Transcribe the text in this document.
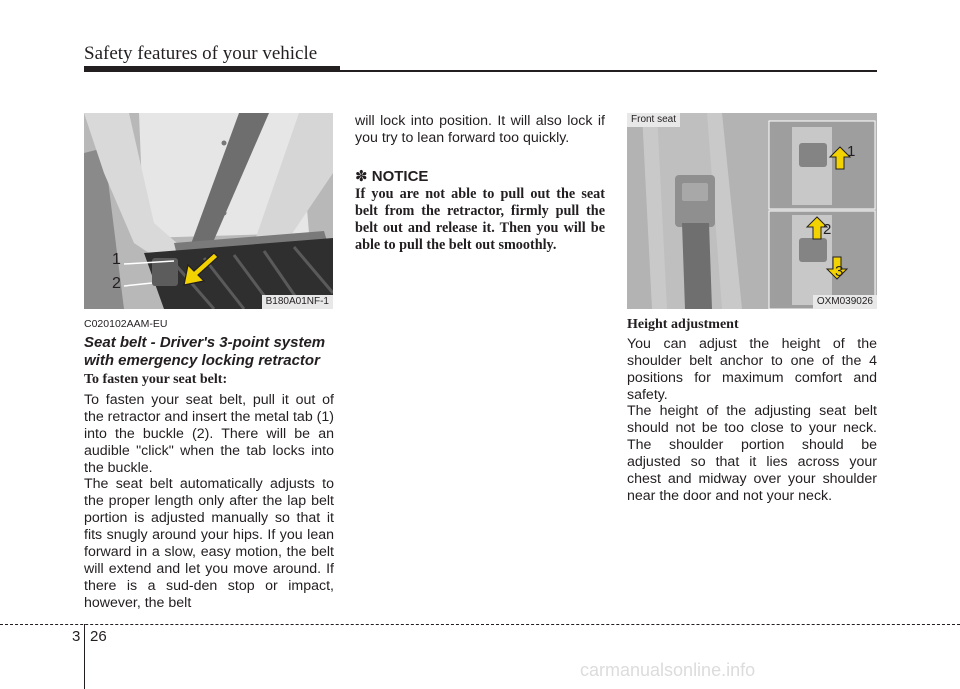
Safety features of your vehicle
1
2
B180A01NF-1
C020102AAM-EU
Seat belt - Driver's 3-point system with emergency locking retractor
To fasten your seat belt:

To fasten your seat belt, pull it out of the retractor and insert the metal tab (1) into the buckle (2). There will be an audible "click" when the tab locks into the buckle.

The seat belt automatically adjusts to the proper length only after the lap belt portion is adjusted manually so that it fits snugly around your hips. If you lean forward in a slow, easy motion, the belt will extend and let you move around. If there is a sud-den stop or impact, however, the belt

will lock into position. It will also lock if you try to lean forward too quickly.

✽ NOTICE

If you are not able to pull out the seat belt from the retractor, firmly pull the belt out and release it. Then you will be able to pull the belt out smoothly.

Front seat
1
2
3
OXM039026
Height adjustment

You can adjust the height of the shoulder belt anchor to one of the 4 positions for maximum comfort and safety.

The height of the adjusting seat belt should not be too close to your neck. The shoulder portion should be adjusted so that it lies across your chest and midway over your shoulder near the door and not your neck.

3 26
carmanualsonline.info
